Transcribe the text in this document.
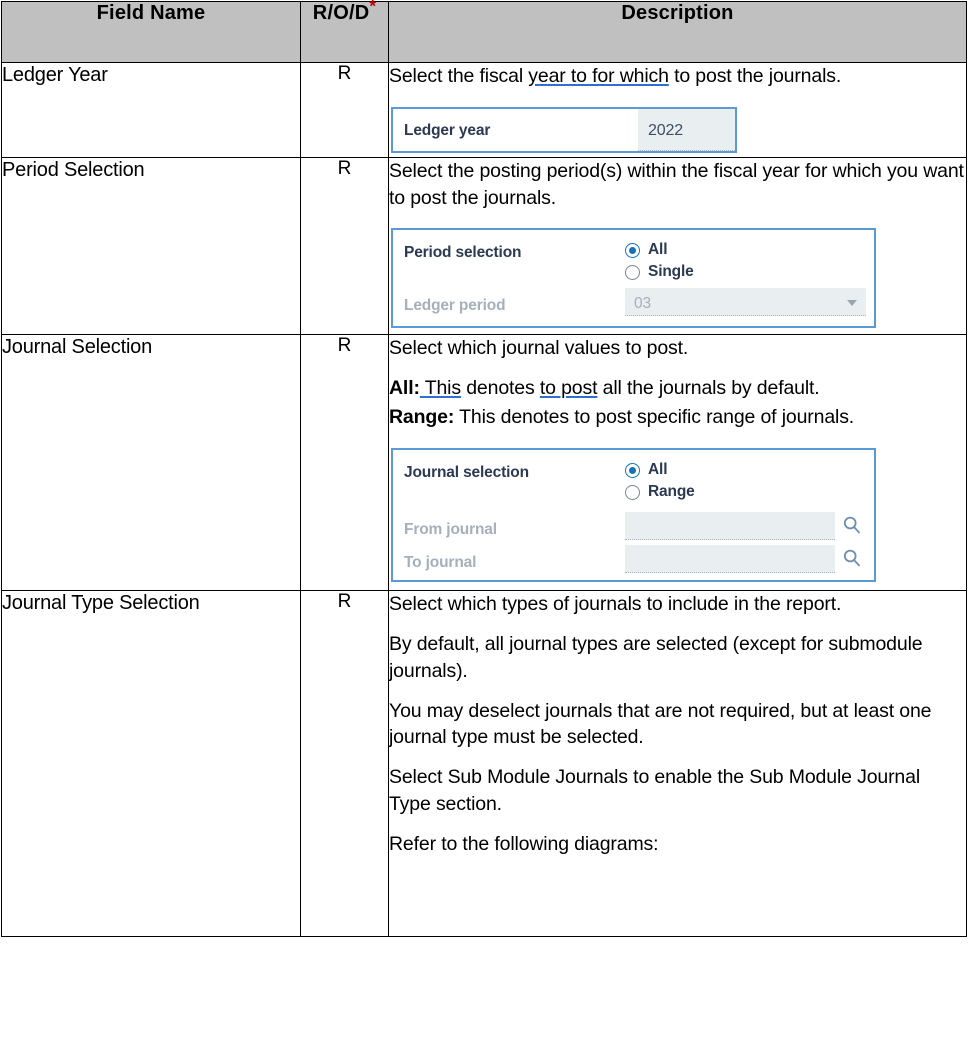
Field Name	R/O/D*	Description
Ledger Year	R	Select the fiscal year to for which to post the journals.

Ledger year 2022

Period Selection	R	Select the posting period(s) within the fiscal year for which you want to post the journals.

Period selection	All
Single
Ledger period	03

Journal Selection	R	Select which journal values to post.

All: This denotes to post all the journals by default.

Range: This denotes to post specific range of journals.

Journal selection	All
Range
From journal
To journal

Journal Type Selection	R	Select which types of journals to include in the report.

By default, all journal types are selected (except for submodule journals).

You may deselect journals that are not required, but at least one journal type must be selected.

Select Sub Module Journals to enable the Sub Module Journal Type section.

Refer to the following diagrams:
